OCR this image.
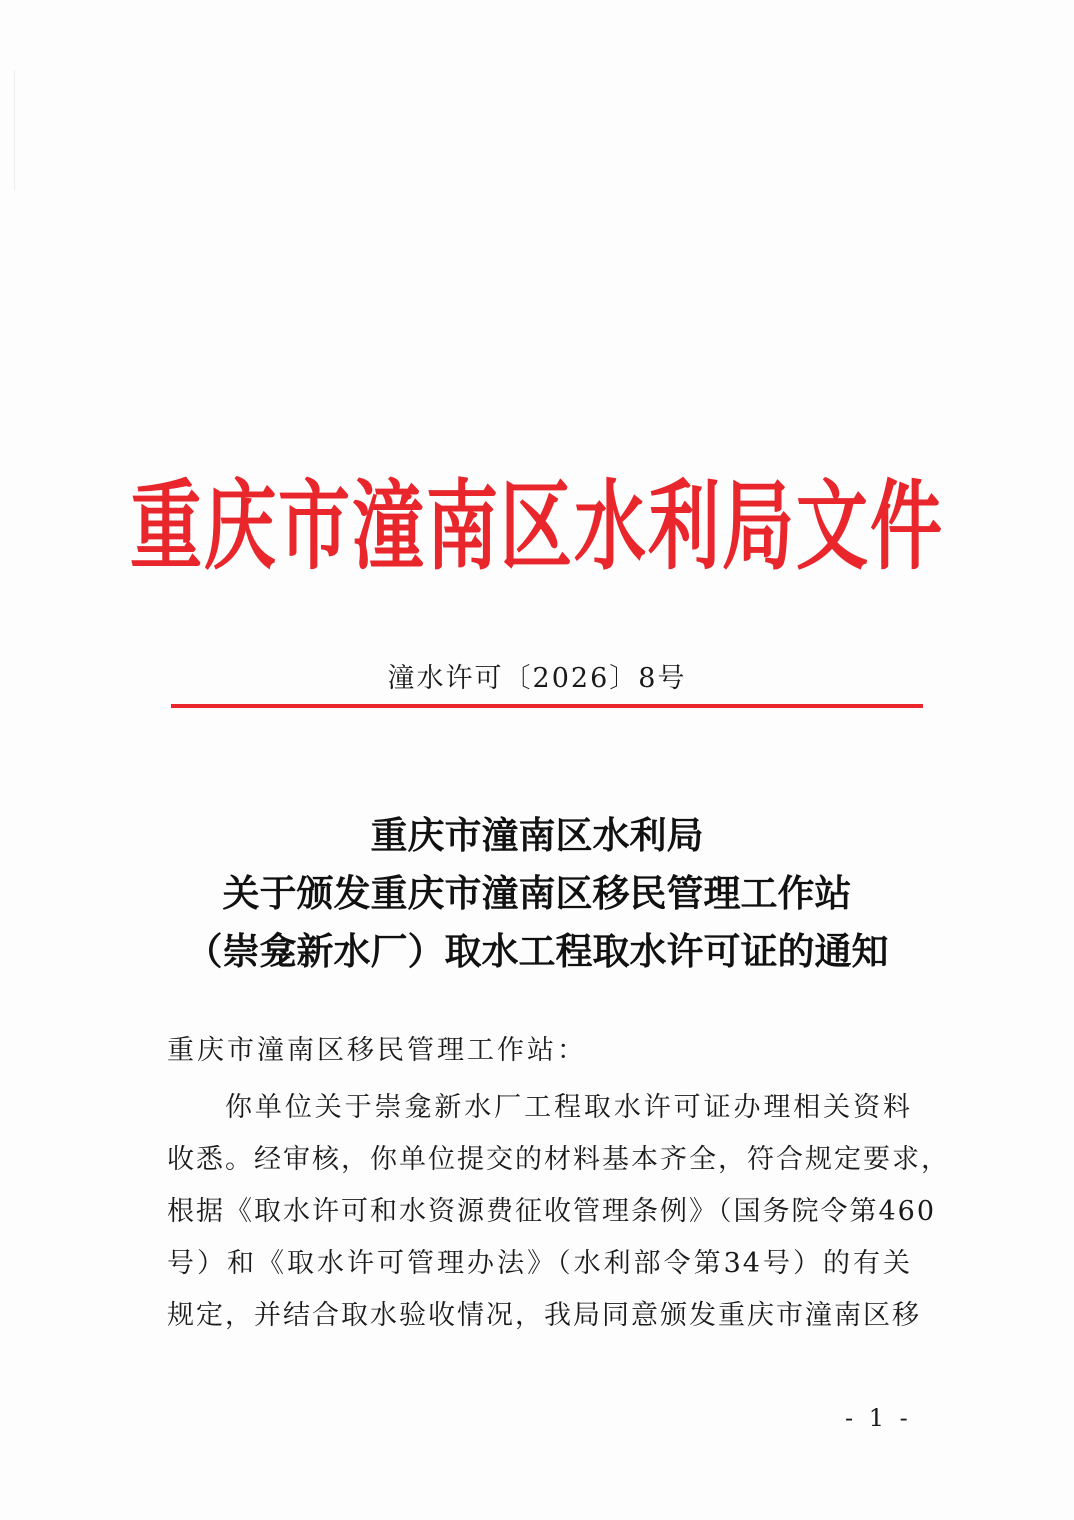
重庆市潼南区水利局文件
潼水许可〔2026〕8号
重庆市潼南区水利局
关于颁发重庆市潼南区移民管理工作站
（崇龛新水厂）取水工程取水许可证的通知
重庆市潼南区移民管理工作站：
你单位关于崇龛新水厂工程取水许可证办理相关资料
收悉。经审核，你单位提交的材料基本齐全，符合规定要求，
根据《取水许可和水资源费征收管理条例》（国务院令第460
号）和《取水许可管理办法》（水利部令第34号）的有关
规定，并结合取水验收情况，我局同意颁发重庆市潼南区移
- 1 -
